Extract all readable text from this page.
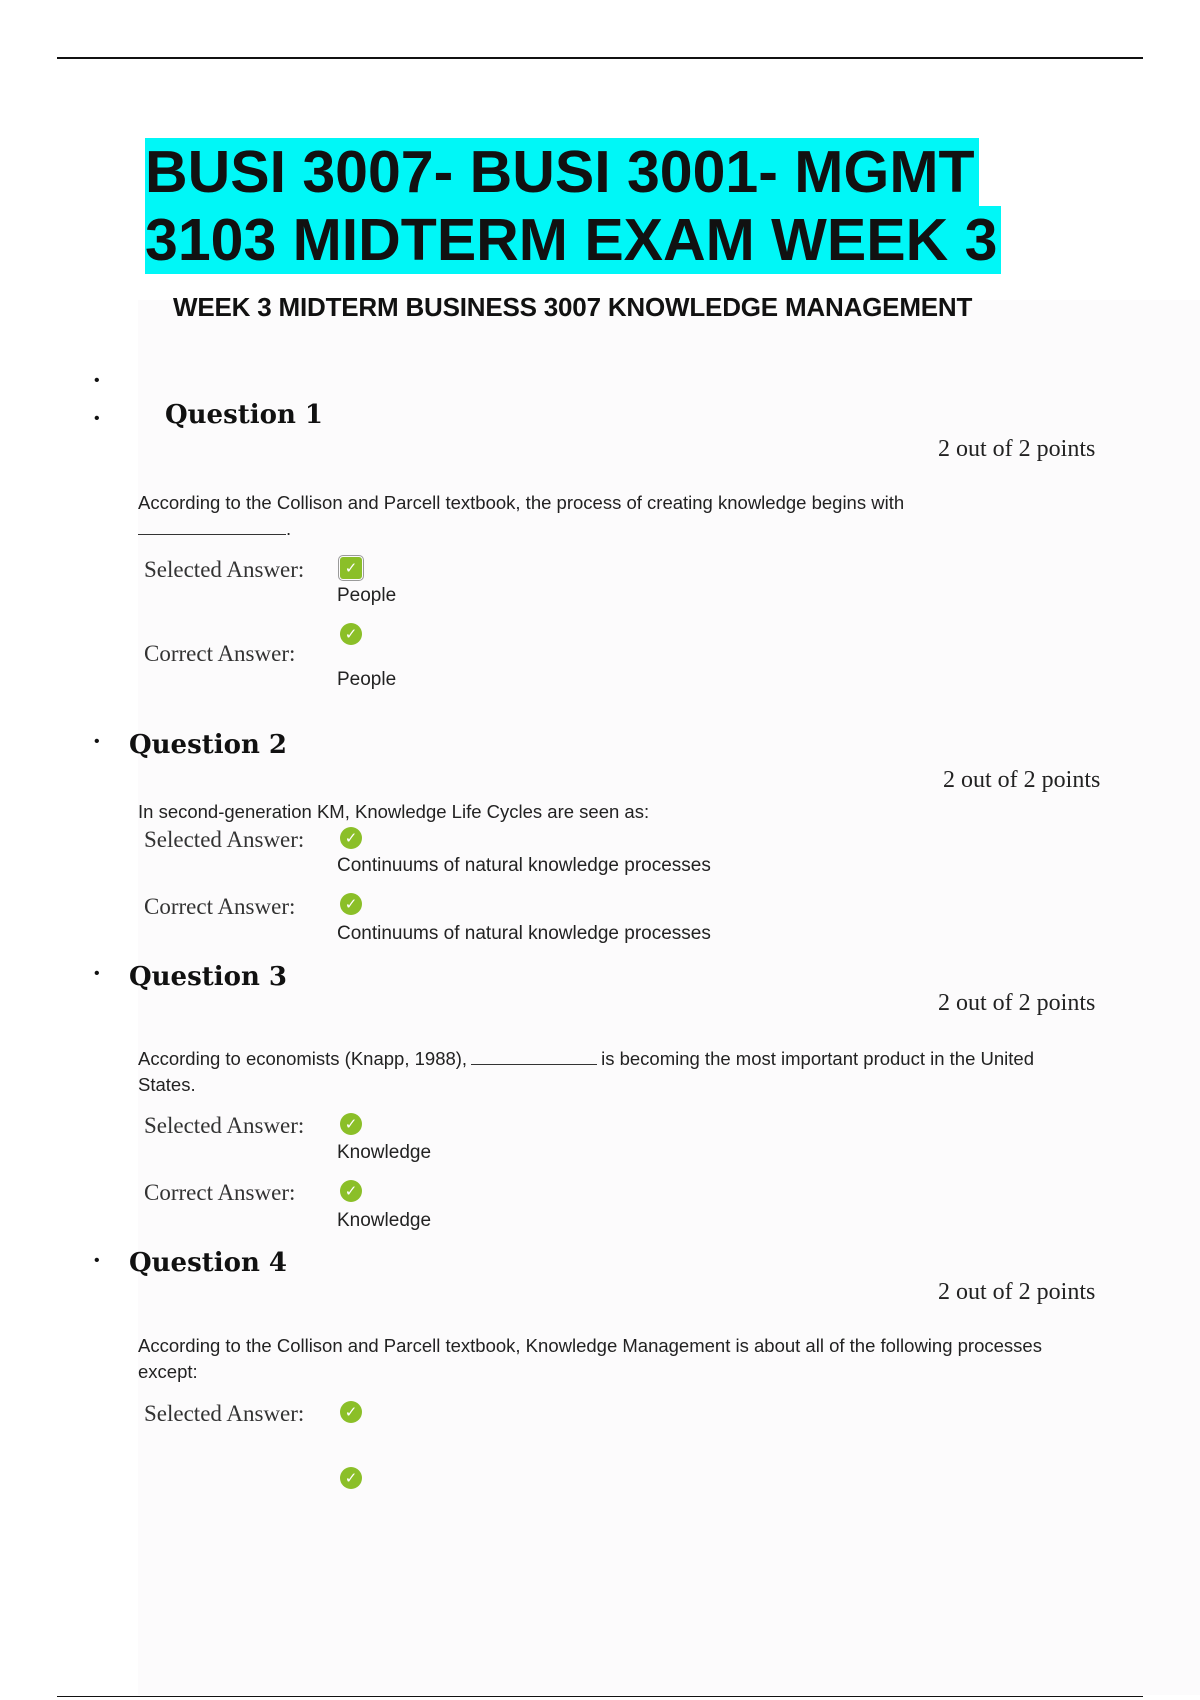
BUSI 3007- BUSI 3001- MGMT
3103 MIDTERM EXAM WEEK 3
WEEK 3 MIDTERM BUSINESS 3007 KNOWLEDGE MANAGEMENT
•
•	Question 1
2 out of 2 points
According to the Collison and Parcell textbook, the process of creating knowledge begins with
.
Selected Answer:	✓
People
Correct Answer:
✓
People
• Question 2
2 out of 2 points
In second-generation KM, Knowledge Life Cycles are seen as:
Selected Answer:	✓
Continuums of natural knowledge processes
Correct Answer:	✓
Continuums of natural knowledge processes
• Question 3
2 out of 2 points
According to economists (Knapp, 1988),	is becoming the most important product in the United States.
Selected Answer:	✓
Knowledge
Correct Answer:	✓
Knowledge
• Question 4
2 out of 2 points
According to the Collison and Parcell textbook, Knowledge Management is about all of the following processes except:
Selected Answer:	✓
✓
